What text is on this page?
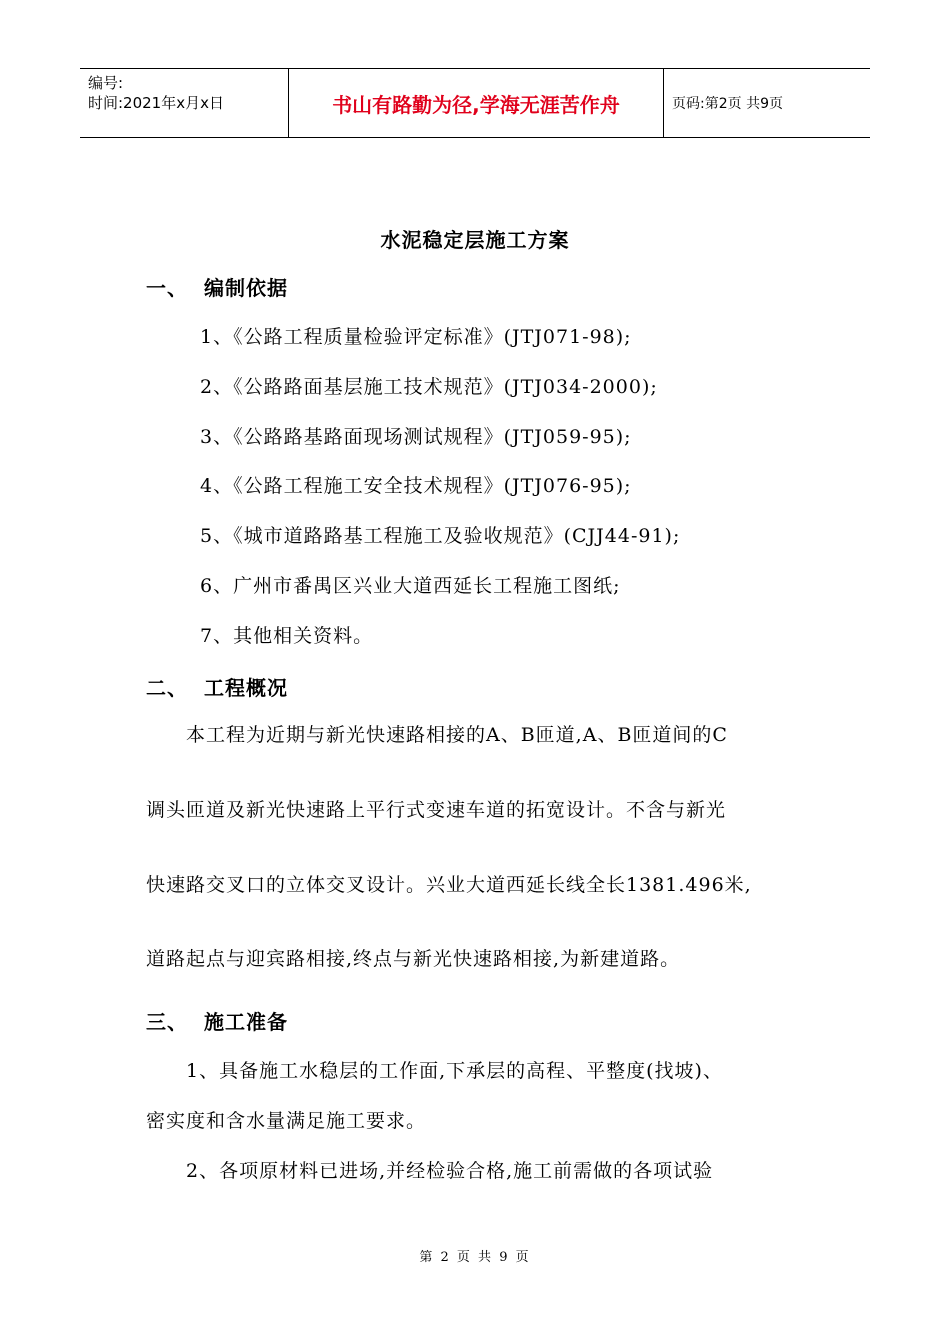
编号:
时间:2021年x月x日	书山有路勤为径,学海无涯苦作舟	页码:第2页 共9页
水泥稳定层施工方案
一、 编制依据
1、《公路工程质量检验评定标准》(JTJ071-98);
2、《公路路面基层施工技术规范》(JTJ034-2000);
3、《公路路基路面现场测试规程》(JTJ059-95);
4、《公路工程施工安全技术规程》(JTJ076-95);
5、《城市道路路基工程施工及验收规范》(CJJ44-91);
6、广州市番禺区兴业大道西延长工程施工图纸;
7、其他相关资料。
二、 工程概况
本工程为近期与新光快速路相接的A、B匝道,A、B匝道间的C
调头匝道及新光快速路上平行式变速车道的拓宽设计。不含与新光
快速路交叉口的立体交叉设计。兴业大道西延长线全长1381.496米,
道路起点与迎宾路相接,终点与新光快速路相接,为新建道路。
三、 施工准备
1、具备施工水稳层的工作面,下承层的高程、平整度(找坡)、
密实度和含水量满足施工要求。
2、各项原材料已进场,并经检验合格,施工前需做的各项试验
第 2 页 共 9 页
